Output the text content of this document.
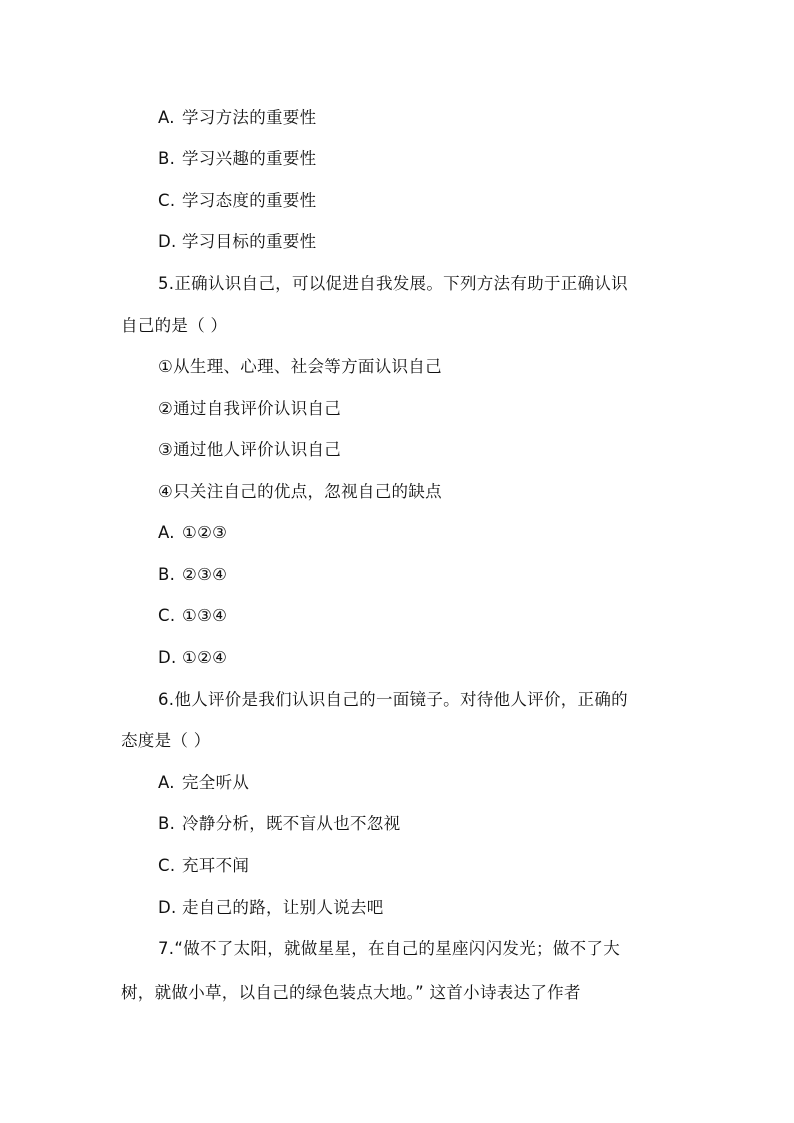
A. 学习方法的重要性
B. 学习兴趣的重要性
C. 学习态度的重要性
D. 学习目标的重要性
5.正确认识自己，可以促进自我发展。下列方法有助于正确认识
自己的是（ ）
①从生理、心理、社会等方面认识自己
②通过自我评价认识自己
③通过他人评价认识自己
④只关注自己的优点，忽视自己的缺点
A. ①②③
B. ②③④
C. ①③④
D. ①②④
6.他人评价是我们认识自己的一面镜子。对待他人评价，正确的
态度是（ ）
A. 完全听从
B. 冷静分析，既不盲从也不忽视
C. 充耳不闻
D. 走自己的路，让别人说去吧
7.“做不了太阳，就做星星，在自己的星座闪闪发光；做不了大
树，就做小草，以自己的绿色装点大地。” 这首小诗表达了作者
